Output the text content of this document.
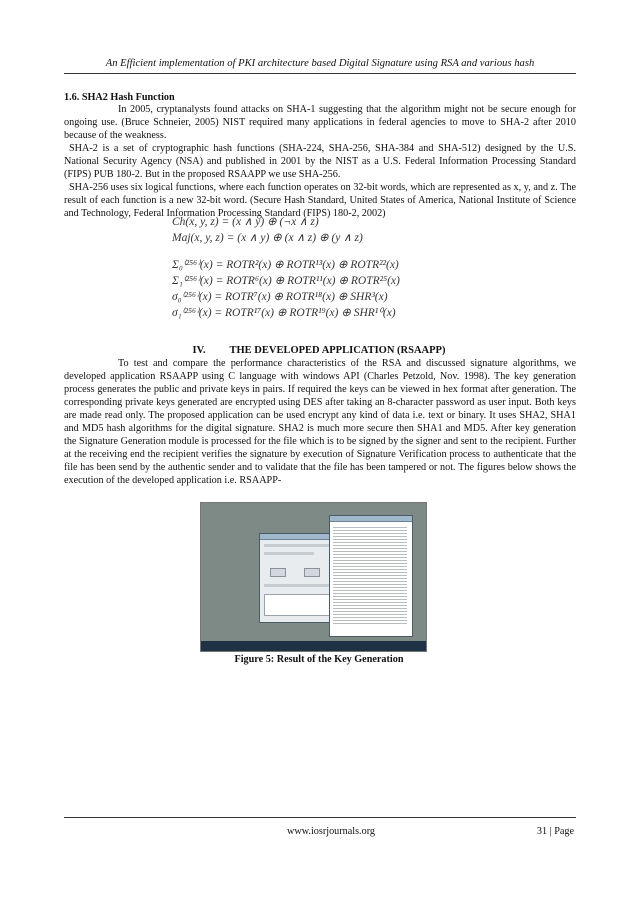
An Efficient implementation of PKI architecture based Digital Signature using RSA and various hash
1.6. SHA2 Hash Function

In 2005, cryptanalysts found attacks on SHA-1 suggesting that the algorithm might not be secure enough for ongoing use. (Bruce Schneier, 2005) NIST required many applications in federal agencies to move to SHA-2 after 2010 because of the weakness.

SHA-2 is a set of cryptographic hash functions (SHA-224, SHA-256, SHA-384 and SHA-512) designed by the U.S. National Security Agency (NSA) and published in 2001 by the NIST as a U.S. Federal Information Processing Standard (FIPS) PUB 180-2. But in the proposed RSAAPP we use SHA-256.

SHA-256 uses six logical functions, where each function operates on 32-bit words, which are represented as x, y, and z. The result of each function is a new 32-bit word. (Secure Hash Standard, United States of America, National Institute of Science and Technology, Federal Information Processing Standard (FIPS) 180-2, 2002)

Ch(x, y, z) = (x ∧ y) ⊕ (¬x ∧ z)
Maj(x, y, z) = (x ∧ y) ⊕ (x ∧ z) ⊕ (y ∧ z)
Σ₀⁽²⁵⁶⁾(x) = ROTR²(x) ⊕ ROTR¹³(x) ⊕ ROTR²²(x)
Σ₁⁽²⁵⁶⁾(x) = ROTR⁶(x) ⊕ ROTR¹¹(x) ⊕ ROTR²⁵(x)
σ₀⁽²⁵⁶⁾(x) = ROTR⁷(x) ⊕ ROTR¹⁸(x) ⊕ SHR³(x)
σ₁⁽²⁵⁶⁾(x) = ROTR¹⁷(x) ⊕ ROTR¹⁹(x) ⊕ SHR¹⁰(x)
IV. THE DEVELOPED APPLICATION (RSAAPP)

To test and compare the performance characteristics of the RSA and discussed signature algorithms, we developed application RSAAPP using C language with windows API (Charles Petzold, Nov. 1998). The key generation process generates the public and private keys in pairs. If required the keys can be viewed in hex format after generation. The corresponding private keys generated are encrypted using DES after taking an 8-character password as user input. Both keys are made read only. The proposed application can be used encrypt any kind of data i.e. text or binary. It uses SHA2, SHA1 and MD5 hash algorithms for the digital signature. SHA2 is much more secure then SHA1 and MD5. After key generation the Signature Generation module is processed for the file which is to be signed by the signer and sent to the recipient. Further at the receiving end the recipient verifies the signature by execution of Signature Verification process to authenticate that the file has been send by the authentic sender and to validate that the file has been tampered or not. The figures below shows the execution of the developed application i.e. RSAAPP-

Figure 5: Result of the Key Generation
www.iosrjournals.org	31 | Page
